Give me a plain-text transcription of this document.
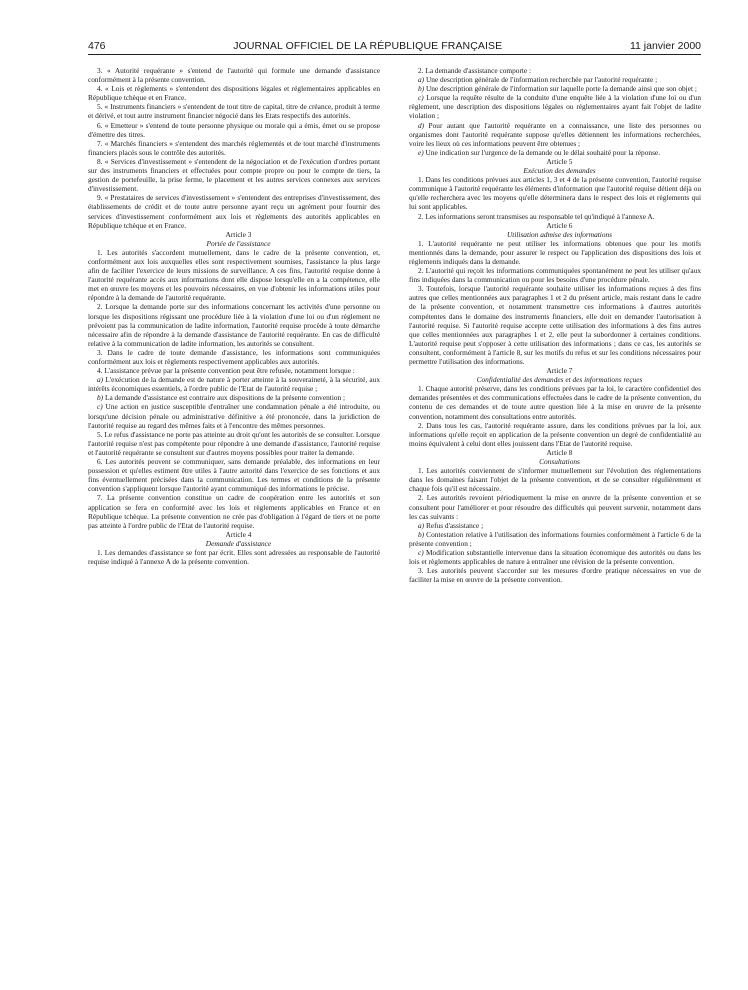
476	JOURNAL OFFICIEL DE LA RÉPUBLIQUE FRANÇAISE	11 janvier 2000

3. « Autorité requérante » s'entend de l'autorité qui formule une demande d'assistance conformément à la présente convention.

4. « Lois et règlements » s'entendent des dispositions légales et réglementaires applicables en République tchèque et en France.

5. « Instruments financiers » s'entendent de tout titre de capital, titre de créance, produit à terme et dérivé, et tout autre instrument financier négocié dans les Etats respectifs des autorités.

6. « Emetteur » s'entend de toute personne physique ou morale qui a émis, émet ou se propose d'émettre des titres.

7. « Marchés financiers » s'entendent des marchés réglementés et de tout marché d'instruments financiers placés sous le contrôle des autorités.

8. « Services d'investissement » s'entendent de la négociation et de l'exécution d'ordres portant sur des instruments financiers et effectuées pour compte propre ou pour le compte de tiers, la gestion de portefeuille, la prise ferme, le placement et les autres services connexes aux services d'investissement.

9. « Prestataires de services d'investissement » s'entendent des entreprises d'investissement, des établissements de crédit et de toute autre personne ayant reçu un agrément pour fournir des services d'investissement conformément aux lois et règlements des autorités applicables en République tchèque et en France.

Article 3

Portée de l'assistance

1. Les autorités s'accordent mutuellement, dans le cadre de la présente convention, et, conformément aux lois auxquelles elles sont respectivement soumises, l'assistance la plus large afin de faciliter l'exercice de leurs missions de surveillance. A ces fins, l'autorité requise donne à l'autorité requérante accès aux informations dont elle dispose lorsqu'elle en a la compétence, elle met en œuvre les moyens et les pouvoirs nécessaires, en vue d'obtenir les informations utiles pour répondre à la demande de l'autorité requérante.

2. Lorsque la demande porte sur des informations concernant les activités d'une personne ou lorsque les dispositions régissant une procédure liée à la violation d'une loi ou d'un règlement ne prévoient pas la communication de ladite information, l'autorité requise procède à toute démarche nécessaire afin de répondre à la demande d'assistance de l'autorité requérante. En cas de difficulté relative à la communication de ladite information, les autorités se consultent.

3. Dans le cadre de toute demande d'assistance, les informations sont communiquées conformément aux lois et règlements respectivement applicables aux autorités.

4. L'assistance prévue par la présente convention peut être refusée, notamment lorsque :

a) L'exécution de la demande est de nature à porter atteinte à la souveraineté, à la sécurité, aux intérêts économiques essentiels, à l'ordre public de l'Etat de l'autorité requise ;

b) La demande d'assistance est contraire aux dispositions de la présente convention ;

c) Une action en justice susceptible d'entraîner une condamnation pénale a été introduite, ou lorsqu'une décision pénale ou administrative définitive a été prononcée, dans la juridiction de l'autorité requise au regard des mêmes faits et à l'encontre des mêmes personnes.

5. Le refus d'assistance ne porte pas atteinte au droit qu'ont les autorités de se consulter. Lorsque l'autorité requise n'est pas compétente pour répondre à une demande d'assistance, l'autorité requise et l'autorité requérante se consultent sur d'autres moyens possibles pour traiter la demande.

6. Les autorités peuvent se communiquer, sans demande préalable, des informations en leur possession et qu'elles estiment être utiles à l'autre autorité dans l'exercice de ses fonctions et aux fins éventuellement précisées dans la communication. Les termes et conditions de la présente convention s'appliquent lorsque l'autorité ayant communiqué des informations le précise.

7. La présente convention constitue un cadre de coopération entre les autorités et son application se fera en conformité avec les lois et règlements applicables en France et en République tchèque. La présente convention ne crée pas d'obligation à l'égard de tiers et ne porte pas atteinte à l'ordre public de l'Etat de l'autorité requise.

Article 4

Demande d'assistance

1. Les demandes d'assistance se font par écrit. Elles sont adressées au responsable de l'autorité requise indiqué à l'annexe A de la présente convention.

2. La demande d'assistance comporte :

a) Une description générale de l'information recherchée par l'autorité requérante ;

b) Une description générale de l'information sur laquelle porte la demande ainsi que son objet ;

c) Lorsque la requête résulte de la conduite d'une enquête liée à la violation d'une loi ou d'un règlement, une description des dispositions légales ou réglementaires ayant fait l'objet de ladite violation ;

d) Pour autant que l'autorité requérante en a connaissance, une liste des personnes ou organismes dont l'autorité requérante suppose qu'elles détiennent les informations recherchées, voire les lieux où ces informations peuvent être obtenues ;

e) Une indication sur l'urgence de la demande ou le délai souhaité pour la réponse.

Article 5

Exécution des demandes

1. Dans les conditions prévues aux articles 1, 3 et 4 de la présente convention, l'autorité requise communique à l'autorité requérante les éléments d'information que l'autorité requise détient déjà ou qu'elle recherchera avec les moyens qu'elle déterminera dans le respect des lois et règlements qui lui sont applicables.

2. Les informations seront transmises au responsable tel qu'indiqué à l'annexe A.

Article 6

Utilisation admise des informations

1. L'autorité requérante ne peut utiliser les informations obtenues que pour les motifs mentionnés dans la demande, pour assurer le respect ou l'application des dispositions des lois et règlements indiqués dans la demande.

2. L'autorité qui reçoit les informations communiquées spontanément ne peut les utiliser qu'aux fins indiquées dans la communication ou pour les besoins d'une procédure pénale.

3. Toutefois, lorsque l'autorité requérante souhaite utiliser les informations reçues à des fins autres que celles mentionnées aux paragraphes 1 et 2 du présent article, mais restant dans le cadre de la présente convention, et notamment transmettre ces informations à d'autres autorités compétentes dans le domaine des instruments financiers, elle doit en demander l'autorisation à l'autorité requise. Si l'autorité requise accepte cette utilisation des informations à des fins autres que celles mentionnées aux paragraphes 1 et 2, elle peut la subordonner à certaines conditions. L'autorité requise peut s'opposer à cette utilisation des informations ; dans ce cas, les autorités se consultent, conformément à l'article 8, sur les motifs du refus et sur les conditions nécessaires pour permettre l'utilisation des informations.

Article 7

Confidentialité des demandes et des informations reçues

1. Chaque autorité préserve, dans les conditions prévues par la loi, le caractère confidentiel des demandes présentées et des communications effectuées dans le cadre de la présente convention, du contenu de ces demandes et de toute autre question liée à la mise en œuvre de la présente convention, notamment des consultations entre autorités.

2. Dans tous les cas, l'autorité requérante assure, dans les conditions prévues par la loi, aux informations qu'elle reçoit en application de la présente convention un degré de confidentialité au moins équivalent à celui dont elles jouissent dans l'Etat de l'autorité requise.

Article 8

Consultations

1. Les autorités conviennent de s'informer mutuellement sur l'évolution des réglementations dans les domaines faisant l'objet de la présente convention, et de se consulter régulièrement et chaque fois qu'il est nécessaire.

2. Les autorités revoient périodiquement la mise en œuvre de la présente convention et se consultent pour l'améliorer et pour résoudre des difficultés qui peuvent survenir, notamment dans les cas suivants :

a) Refus d'assistance ;

b) Contestation relative à l'utilisation des informations fournies conformément à l'article 6 de la présente convention ;

c) Modification substantielle intervenue dans la situation économique des autorités ou dans les lois et règlements applicables de nature à entraîner une révision de la présente convention.

3. Les autorités peuvent s'accorder sur les mesures d'ordre pratique nécessaires en vue de faciliter la mise en œuvre de la présente convention.
